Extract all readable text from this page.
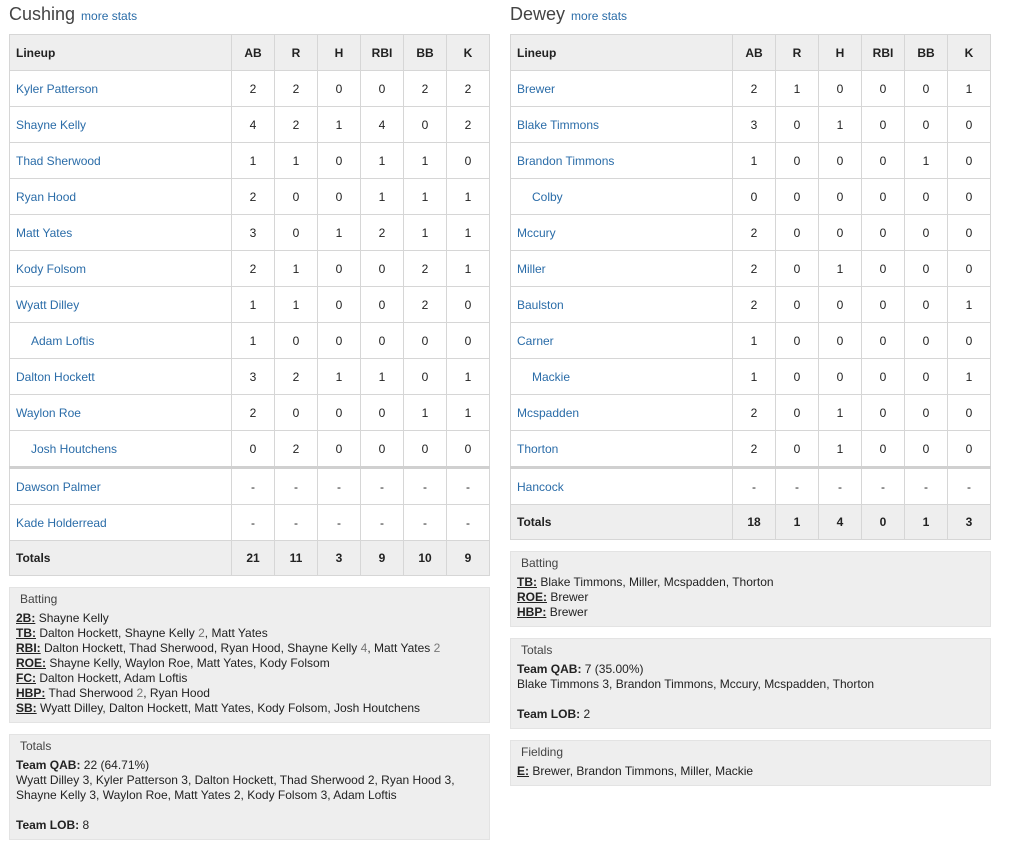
Cushing more stats
Lineup	AB	R	H	RBI	BB	K
Kyler Patterson	2	2	0	0	2	2
Shayne Kelly	4	2	1	4	0	2
Thad Sherwood	1	1	0	1	1	0
Ryan Hood	2	0	0	1	1	1
Matt Yates	3	0	1	2	1	1
Kody Folsom	2	1	0	0	2	1
Wyatt Dilley	1	1	0	0	2	0
Adam Loftis	1	0	0	0	0	0
Dalton Hockett	3	2	1	1	0	1
Waylon Roe	2	0	0	0	1	1
Josh Houtchens	0	2	0	0	0	0
Dawson Palmer	-	-	-	-	-	-
Kade Holderread	-	-	-	-	-	-
Totals	21	11	3	9	10	9
Dewey more stats
Lineup	AB	R	H	RBI	BB	K
Brewer	2	1	0	0	0	1
Blake Timmons	3	0	1	0	0	0
Brandon Timmons	1	0	0	0	1	0
Colby	0	0	0	0	0	0
Mccury	2	0	0	0	0	0
Miller	2	0	1	0	0	0
Baulston	2	0	0	0	0	1
Carner	1	0	0	0	0	0
Mackie	1	0	0	0	0	1
Mcspadden	2	0	1	0	0	0
Thorton	2	0	1	0	0	0
Hancock	-	-	-	-	-	-
Totals	18	1	4	0	1	3
Batting
2B: Shayne Kelly
TB: Dalton Hockett, Shayne Kelly 2, Matt Yates
RBI: Dalton Hockett, Thad Sherwood, Ryan Hood, Shayne Kelly 4, Matt Yates 2
ROE: Shayne Kelly, Waylon Roe, Matt Yates, Kody Folsom
FC: Dalton Hockett, Adam Loftis
HBP: Thad Sherwood 2, Ryan Hood
SB: Wyatt Dilley, Dalton Hockett, Matt Yates, Kody Folsom, Josh Houtchens
Totals
Team QAB: 22 (64.71%)
Wyatt Dilley 3, Kyler Patterson 3, Dalton Hockett, Thad Sherwood 2, Ryan Hood 3,
Shayne Kelly 3, Waylon Roe, Matt Yates 2, Kody Folsom 3, Adam Loftis
Team LOB: 8
Batting
TB: Blake Timmons, Miller, Mcspadden, Thorton
ROE: Brewer
HBP: Brewer
Totals
Team QAB: 7 (35.00%)
Blake Timmons 3, Brandon Timmons, Mccury, Mcspadden, Thorton
Team LOB: 2
Fielding
E: Brewer, Brandon Timmons, Miller, Mackie
